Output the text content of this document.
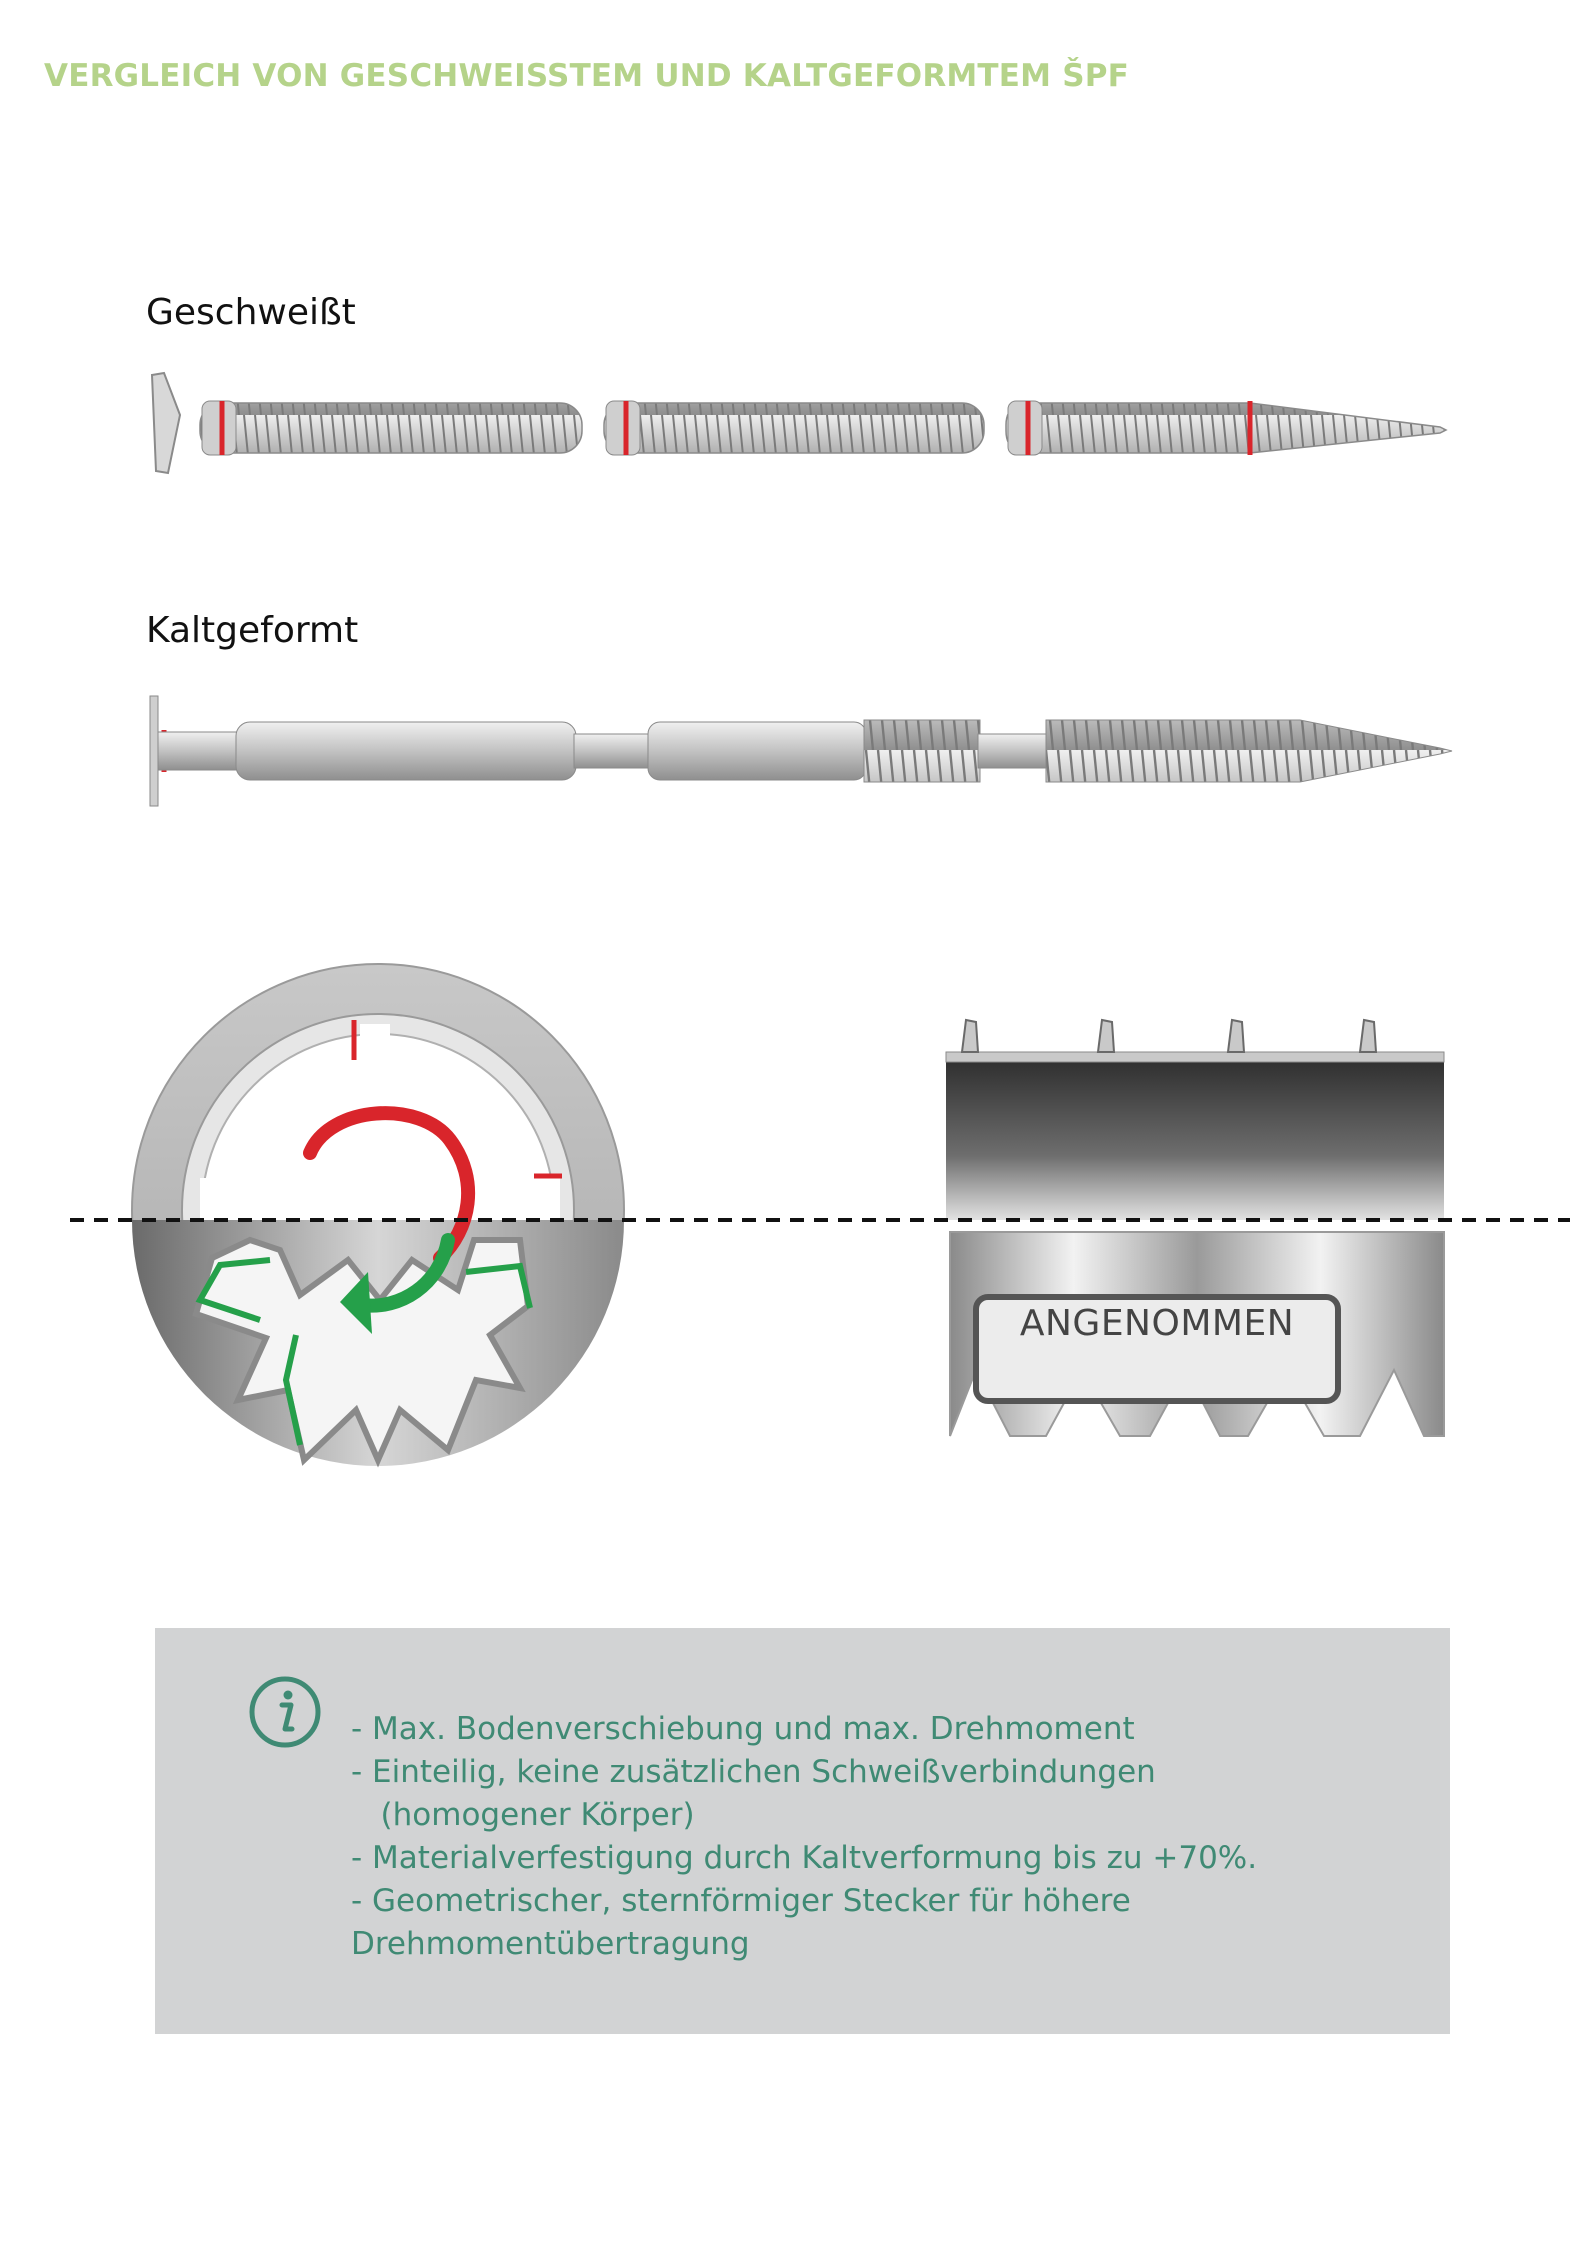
VERGLEICH VON GESCHWEISSTEM UND KALTGEFORMTEM ŠPF
Geschweißt
Kaltgeformt
ANGENOMMEN
- Max. Bodenverschiebung und max. Drehmoment
- Einteilig, keine zusätzlichen Schweißverbindungen
(homogener Körper)
- Materialverfestigung durch Kaltverformung bis zu +70%.
- Geometrischer, sternförmiger Stecker für höhere
Drehmomentübertragung
